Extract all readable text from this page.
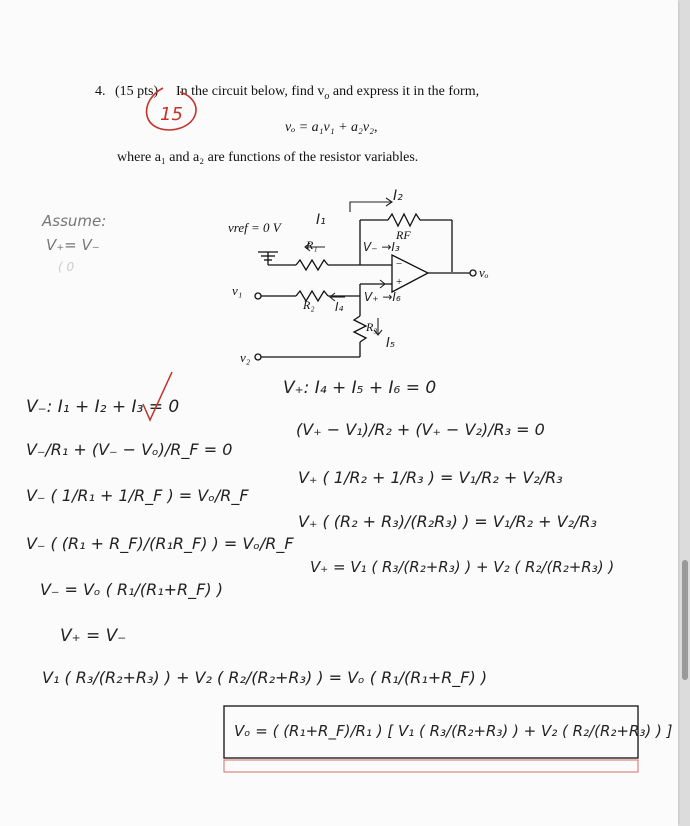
4. (15 pts) In the circuit below, find $v_o$ and express it in the form,
vₒ = a₁v₁ + a₂v₂,
where a₁ and a₂ are functions of the resistor variables.
15
vref = 0 V
v₁
v₂
vₒ
R₁
R₂
R₃
RF
−
+
I₂
I₁
V₋ →I₃
I₄
I₅
V₊ →I₆
Assume:
V₊= V₋
( 0
V₋: I₁ + I₂ + I₃ = 0
V₋/R₁ + (V₋ − Vₒ)/R_F = 0
V₋ ( 1/R₁ + 1/R_F ) = Vₒ/R_F
V₋ ( (R₁ + R_F)/(R₁R_F) ) = Vₒ/R_F
V₋ = Vₒ ( R₁/(R₁+R_F) )
V₊: I₄ + I₅ + I₆ = 0
(V₊ − V₁)/R₂ + (V₊ − V₂)/R₃ = 0
V₊ ( 1/R₂ + 1/R₃ ) = V₁/R₂ + V₂/R₃
V₊ ( (R₂ + R₃)/(R₂R₃) ) = V₁/R₂ + V₂/R₃
V₊ = V₁ ( R₃/(R₂+R₃) ) + V₂ ( R₂/(R₂+R₃) )
V₊ = V₋
V₁ ( R₃/(R₂+R₃) ) + V₂ ( R₂/(R₂+R₃) ) = Vₒ ( R₁/(R₁+R_F) )
Vₒ = ( (R₁+R_F)/R₁ ) [ V₁ ( R₃/(R₂+R₃) ) + V₂ ( R₂/(R₂+R₃) ) ]
